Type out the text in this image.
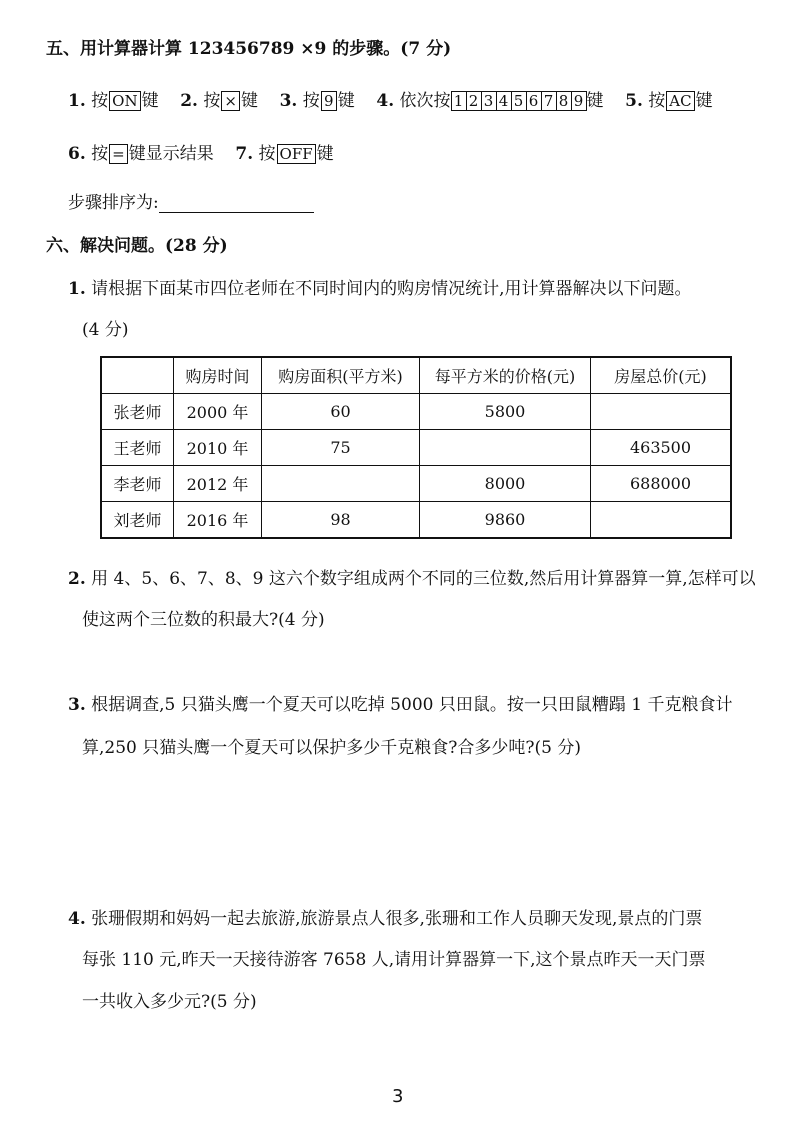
五、用计算器计算 123456789 ×9 的步骤。(7 分)
1. 按 ON 键 2. 按 × 键 3. 按 9 键 4. 依次按 1 2 3 4 5 6 7 8 9 键 5. 按 AC 键
6. 按 = 键显示结果 7. 按 OFF 键
步骤排序为:
六、解决问题。(28 分)
1. 请根据下面某市四位老师在不同时间内的购房情况统计,用计算器解决以下问题。
(4 分)
	购房时间	购房面积(平方米)	每平方米的价格(元)	房屋总价(元)
张老师	2000 年	60	5800	
王老师	2010 年	75		463500
李老师	2012 年		8000	688000
刘老师	2016 年	98	9860	
2. 用 4、5、6、7、8、9 这六个数字组成两个不同的三位数,然后用计算器算一算,怎样可以
使这两个三位数的积最大?(4 分)
3. 根据调查,5 只猫头鹰一个夏天可以吃掉 5000 只田鼠。按一只田鼠糟蹋 1 千克粮食计
算,250 只猫头鹰一个夏天可以保护多少千克粮食?合多少吨?(5 分)
4. 张珊假期和妈妈一起去旅游,旅游景点人很多,张珊和工作人员聊天发现,景点的门票
每张 110 元,昨天一天接待游客 7658 人,请用计算器算一下,这个景点昨天一天门票
一共收入多少元?(5 分)
3
